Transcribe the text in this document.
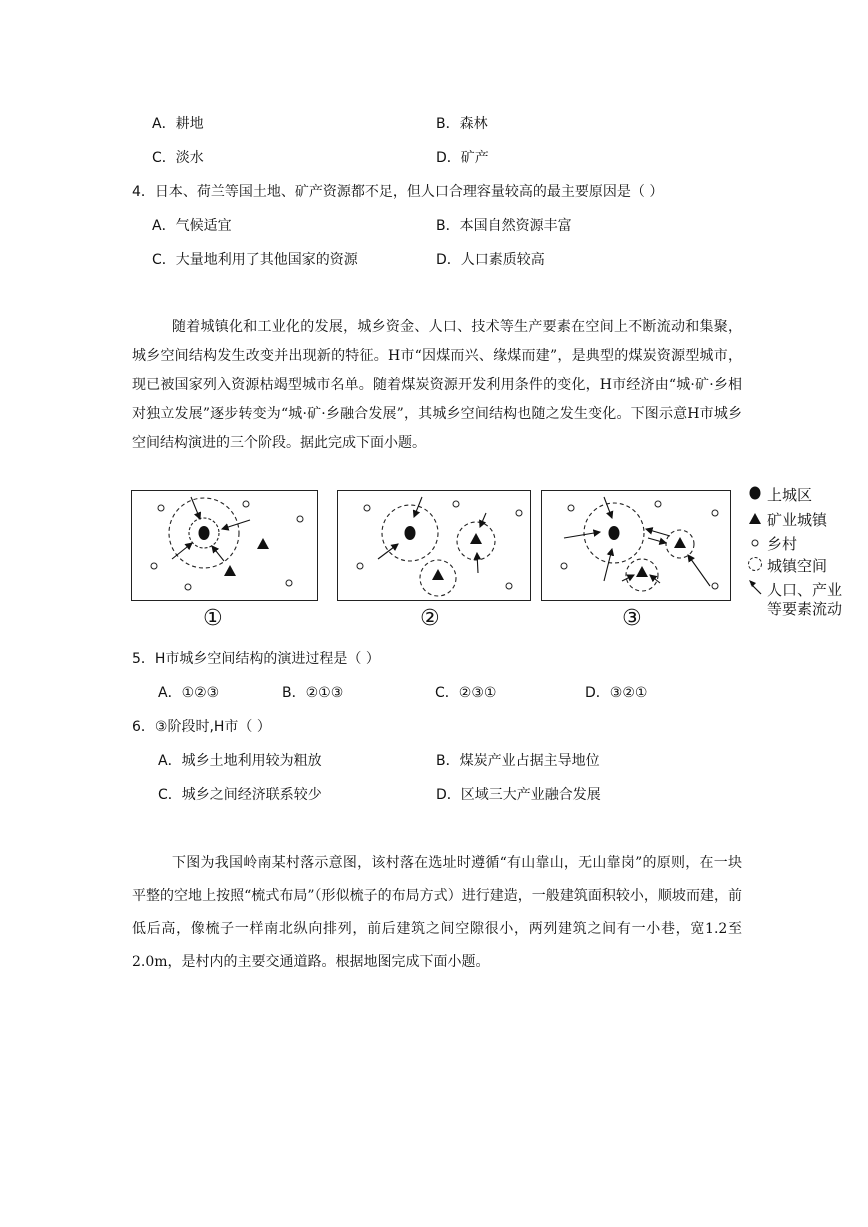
A．耕地	B．森林
C．淡水	D．矿产
4．日本、荷兰等国土地、矿产资源都不足，但人口合理容量较高的最主要原因是（ ）
A．气候适宜	B．本国自然资源丰富
C．大量地利用了其他国家的资源	D．人口素质较高
随着城镇化和工业化的发展，城乡资金、人口、技术等生产要素在空间上不断流动和集聚，城乡空间结构发生改变并出现新的特征。H市“因煤而兴、缘煤而建”，是典型的煤炭资源型城市，现已被国家列入资源枯竭型城市名单。随着煤炭资源开发利用条件的变化，H市经济由“城·矿·乡相对独立发展”逐步转变为“城·矿·乡融合发展”，其城乡空间结构也随之发生变化。下图示意H市城乡空间结构演进的三个阶段。据此完成下面小题。
①	②	③
上城区
矿业城镇
乡村
城镇空间
人口、产业
等要素流动
5．H市城乡空间结构的演进过程是（ ）
A．①②③	B．②①③	C．②③①	D．③②①
6．③阶段时,H市（ ）
A．城乡土地利用较为粗放	B．煤炭产业占据主导地位
C．城乡之间经济联系较少	D．区域三大产业融合发展
下图为我国岭南某村落示意图，该村落在选址时遵循“有山靠山，无山靠岗”的原则，在一块平整的空地上按照“梳式布局”（形似梳子的布局方式）进行建造，一般建筑面积较小，顺坡而建，前低后高，像梳子一样南北纵向排列，前后建筑之间空隙很小，两列建筑之间有一小巷，宽1.2至2.0m，是村内的主要交通道路。根据地图完成下面小题。
